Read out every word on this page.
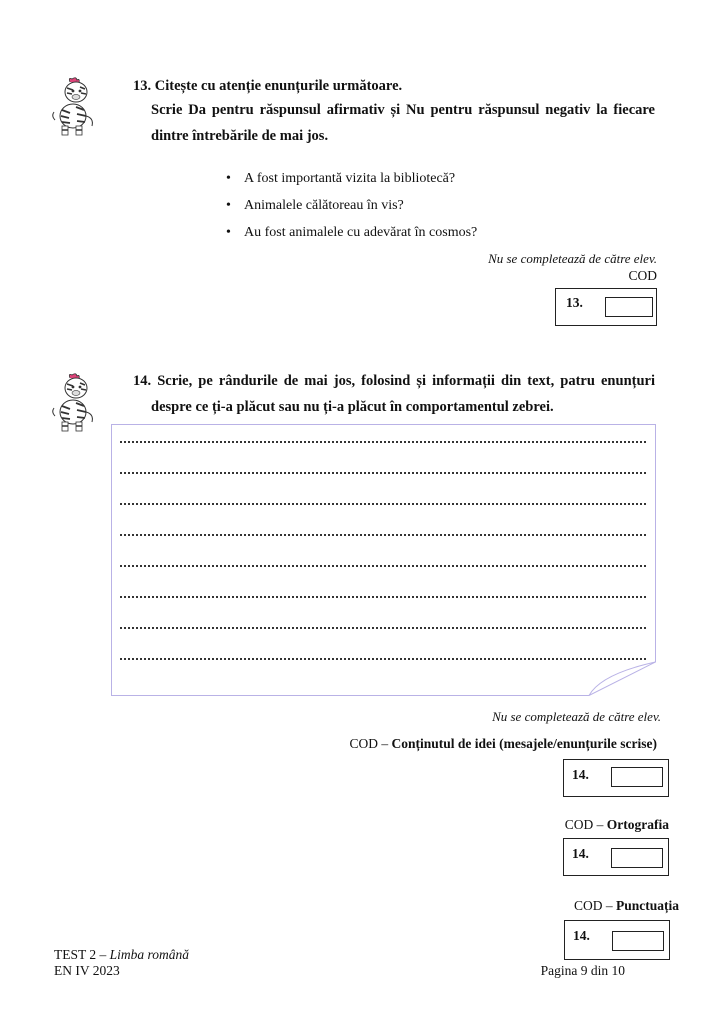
13. Citește cu atenție enunțurile următoare.
Scrie Da pentru răspunsul afirmativ și Nu pentru răspunsul negativ la fiecare dintre întrebările de mai jos.
• A fost importantă vizita la bibliotecă?
• Animalele călătoreau în vis?
• Au fost animalele cu adevărat în cosmos?
Nu se completează de către elev.
COD
13.
14. Scrie, pe rândurile de mai jos, folosind și informații din text, patru enunțuri
despre ce ți-a plăcut sau nu ți-a plăcut în comportamentul zebrei.
Nu se completează de către elev.
COD – Conținutul de idei (mesajele/enunțurile scrise)
14.
COD – Ortografia
14.
COD – Punctuația
14.
TEST 2 – Limba română
EN IV 2023	Pagina 9 din 10
